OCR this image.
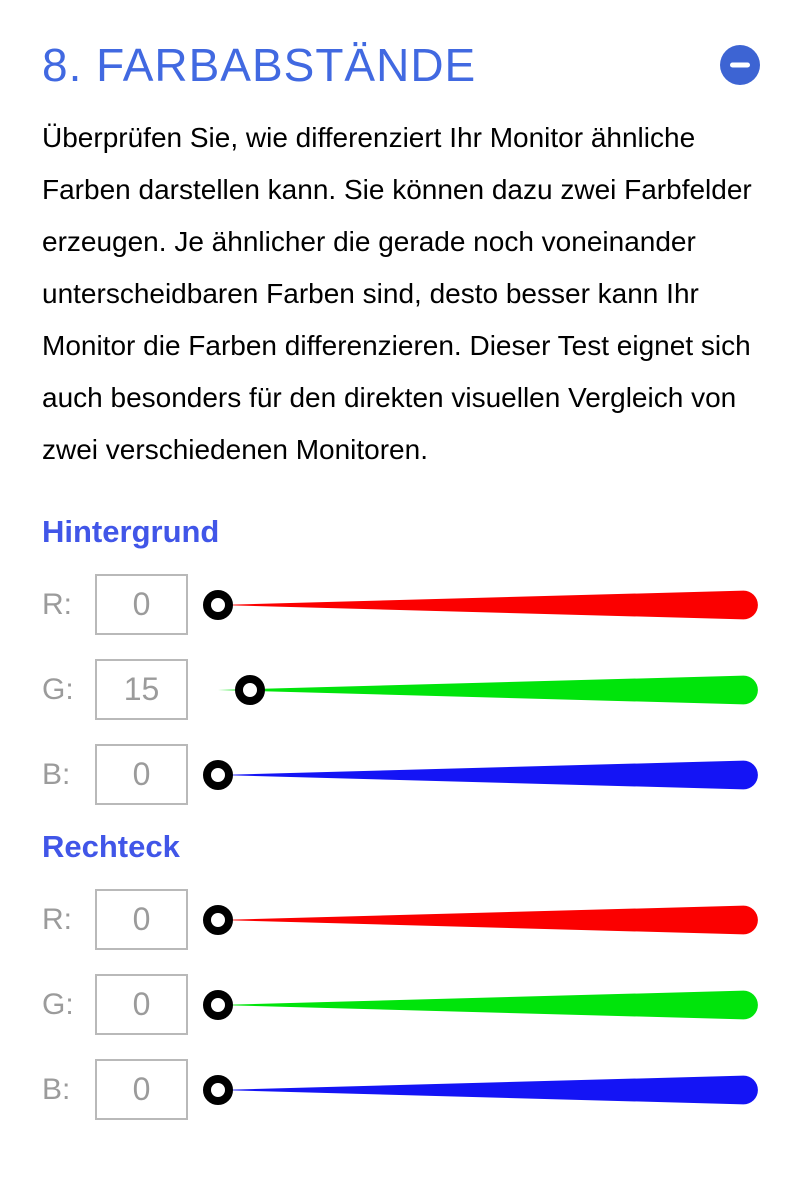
8. FARBABSTÄNDE

Überprüfen Sie, wie differenziert Ihr Monitor ähnliche Farben darstellen kann. Sie können dazu zwei Farbfelder erzeugen. Je ähnlicher die gerade noch voneinander unterscheidbaren Farben sind, desto besser kann Ihr Monitor die Farben differenzieren. Dieser Test eignet sich auch besonders für den direkten visuellen Vergleich von zwei verschiedenen Monitoren.

Hintergrund
R:
0
G:
15
B:
0
Rechteck
R:
0
G:
0
B:
0
